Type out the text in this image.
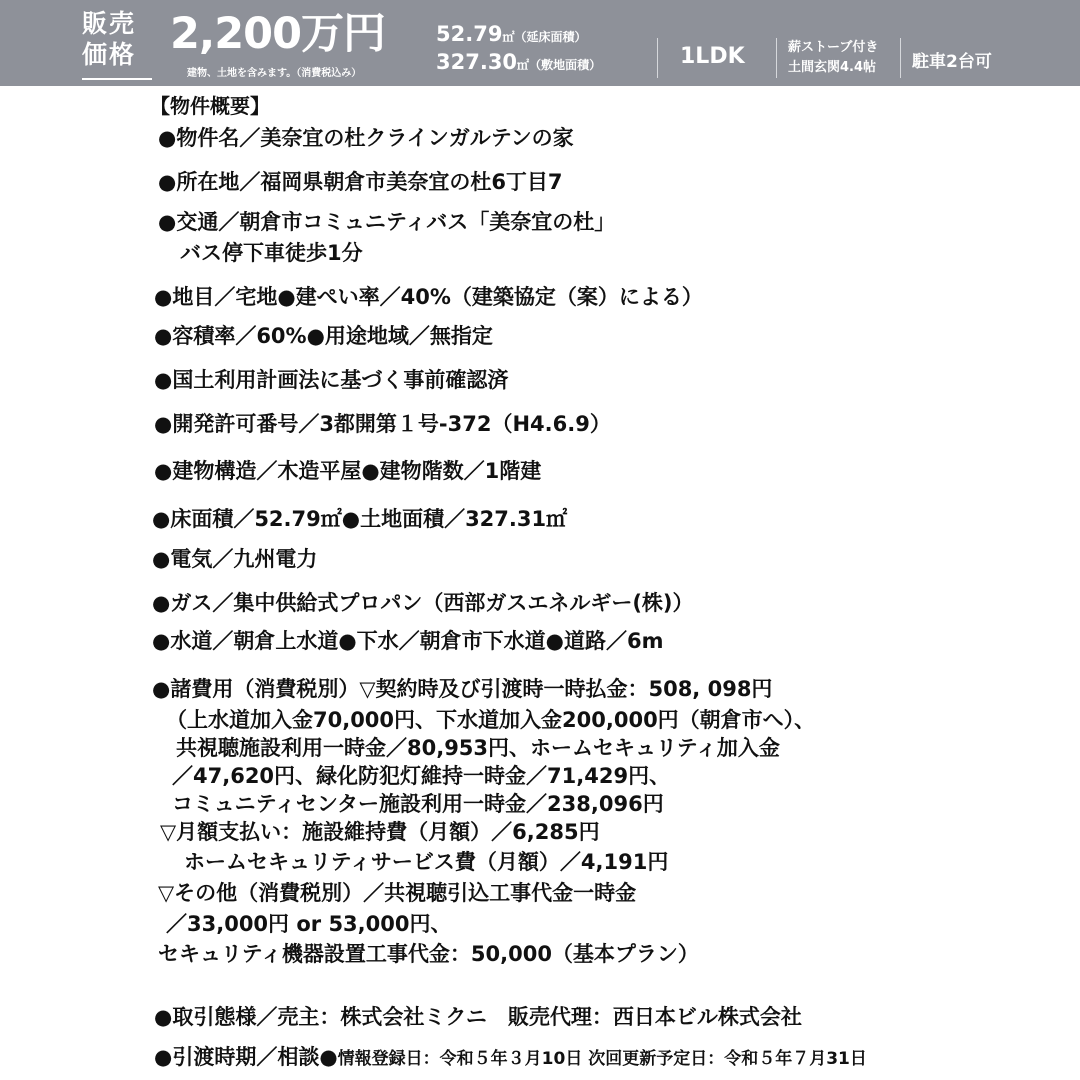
販売
価格 2,200万円
建物、土地を含みます。（消費税込み）
52.79㎡（延床面積）
327.30㎡（敷地面積）	1LDK	薪ストーブ付き
土間玄関4.4帖 駐車2台可
【物件概要】
●物件名／美奈宜の杜クラインガルテンの家
●所在地／福岡県朝倉市美奈宜の杜6丁目7
●交通／朝倉市コミュニティバス「美奈宜の杜」
バス停下車徒歩1分
●地目／宅地●建ぺい率／40%（建築協定（案）による）
●容積率／60%●用途地域／無指定
●国土利用計画法に基づく事前確認済
●開発許可番号／3都開第１号-372（H4.6.9）
●建物構造／木造平屋●建物階数／1階建
●床面積／52.79㎡●土地面積／327.31㎡
●電気／九州電力
●ガス／集中供給式プロパン（西部ガスエネルギー(株)）
●水道／朝倉上水道●下水／朝倉市下水道●道路／6m
●諸費用（消費税別）▽契約時及び引渡時一時払金：508, 098円
（上水道加入金70,000円、下水道加入金200,000円（朝倉市へ）、
共視聴施設利用一時金／80,953円、ホームセキュリティ加入金
／47,620円、緑化防犯灯維持一時金／71,429円、
コミュニティセンター施設利用一時金／238,096円
▽月額支払い：施設維持費（月額）／6,285円
ホームセキュリティサービス費（月額）／4,191円
▽その他（消費税別）／共視聴引込工事代金一時金
／33,000円 or 53,000円、
セキュリティ機器設置工事代金：50,000（基本プラン）
●取引態様／売主：株式会社ミクニ　販売代理：西日本ビル株式会社
●引渡時期／相談●情報登録日：令和５年３月10日 次回更新予定日：令和５年７月31日
